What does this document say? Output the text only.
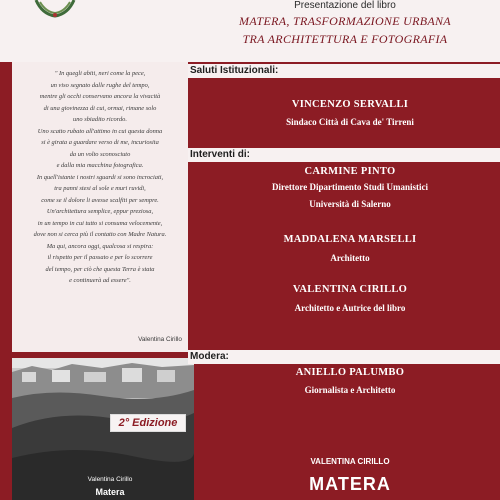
Presentazione del libro
MATERA, TRASFORMAZIONE URBANA
TRA ARCHITETTURA E FOTOGRAFIA
" In quegli abiti, neri come la pece,
un viso segnato dalle rughe del tempo,
mentre gli occhi conservano ancora la vivacità
di una giovinezza di cui, ormai, rimane solo
uno sbiadito ricordo.
Uno scatto rubato all'attimo in cui questa donna
si è girata a guardare verso di me, incuriosita
da un volto sconosciuto
e dalla mia macchina fotografica.
In quell'istante i nostri sguardi si sono incrociati,
tra panni stesi al sole e muri ruvidi,
come se il dolore li avesse scalfiti per sempre.
Un'architettura semplice, eppur preziosa,
in un tempo in cui tutto si consuma velocemente,
dove non si cerca più il contatto con Madre Natura.
Ma qui, ancora oggi, qualcosa si respira:
il rispetto per il passato e per lo scorrere
del tempo, per ciò che questa Terra è stata
e continuerà ad essere".
Valentina Cirillo
2° Edizione
Valentina Cirillo
Matera
Saluti Istituzionali:
VINCENZO SERVALLI
Sindaco Città di Cava de' Tirreni
Interventi di:
CARMINE PINTO
Direttore Dipartimento Studi Umanistici
Università di Salerno
MADDALENA MARSELLI
Architetto
VALENTINA CIRILLO
Architetto e Autrice del libro
Modera:
ANIELLO PALUMBO
Giornalista e Architetto
VALENTINA CIRILLO
MATERA
